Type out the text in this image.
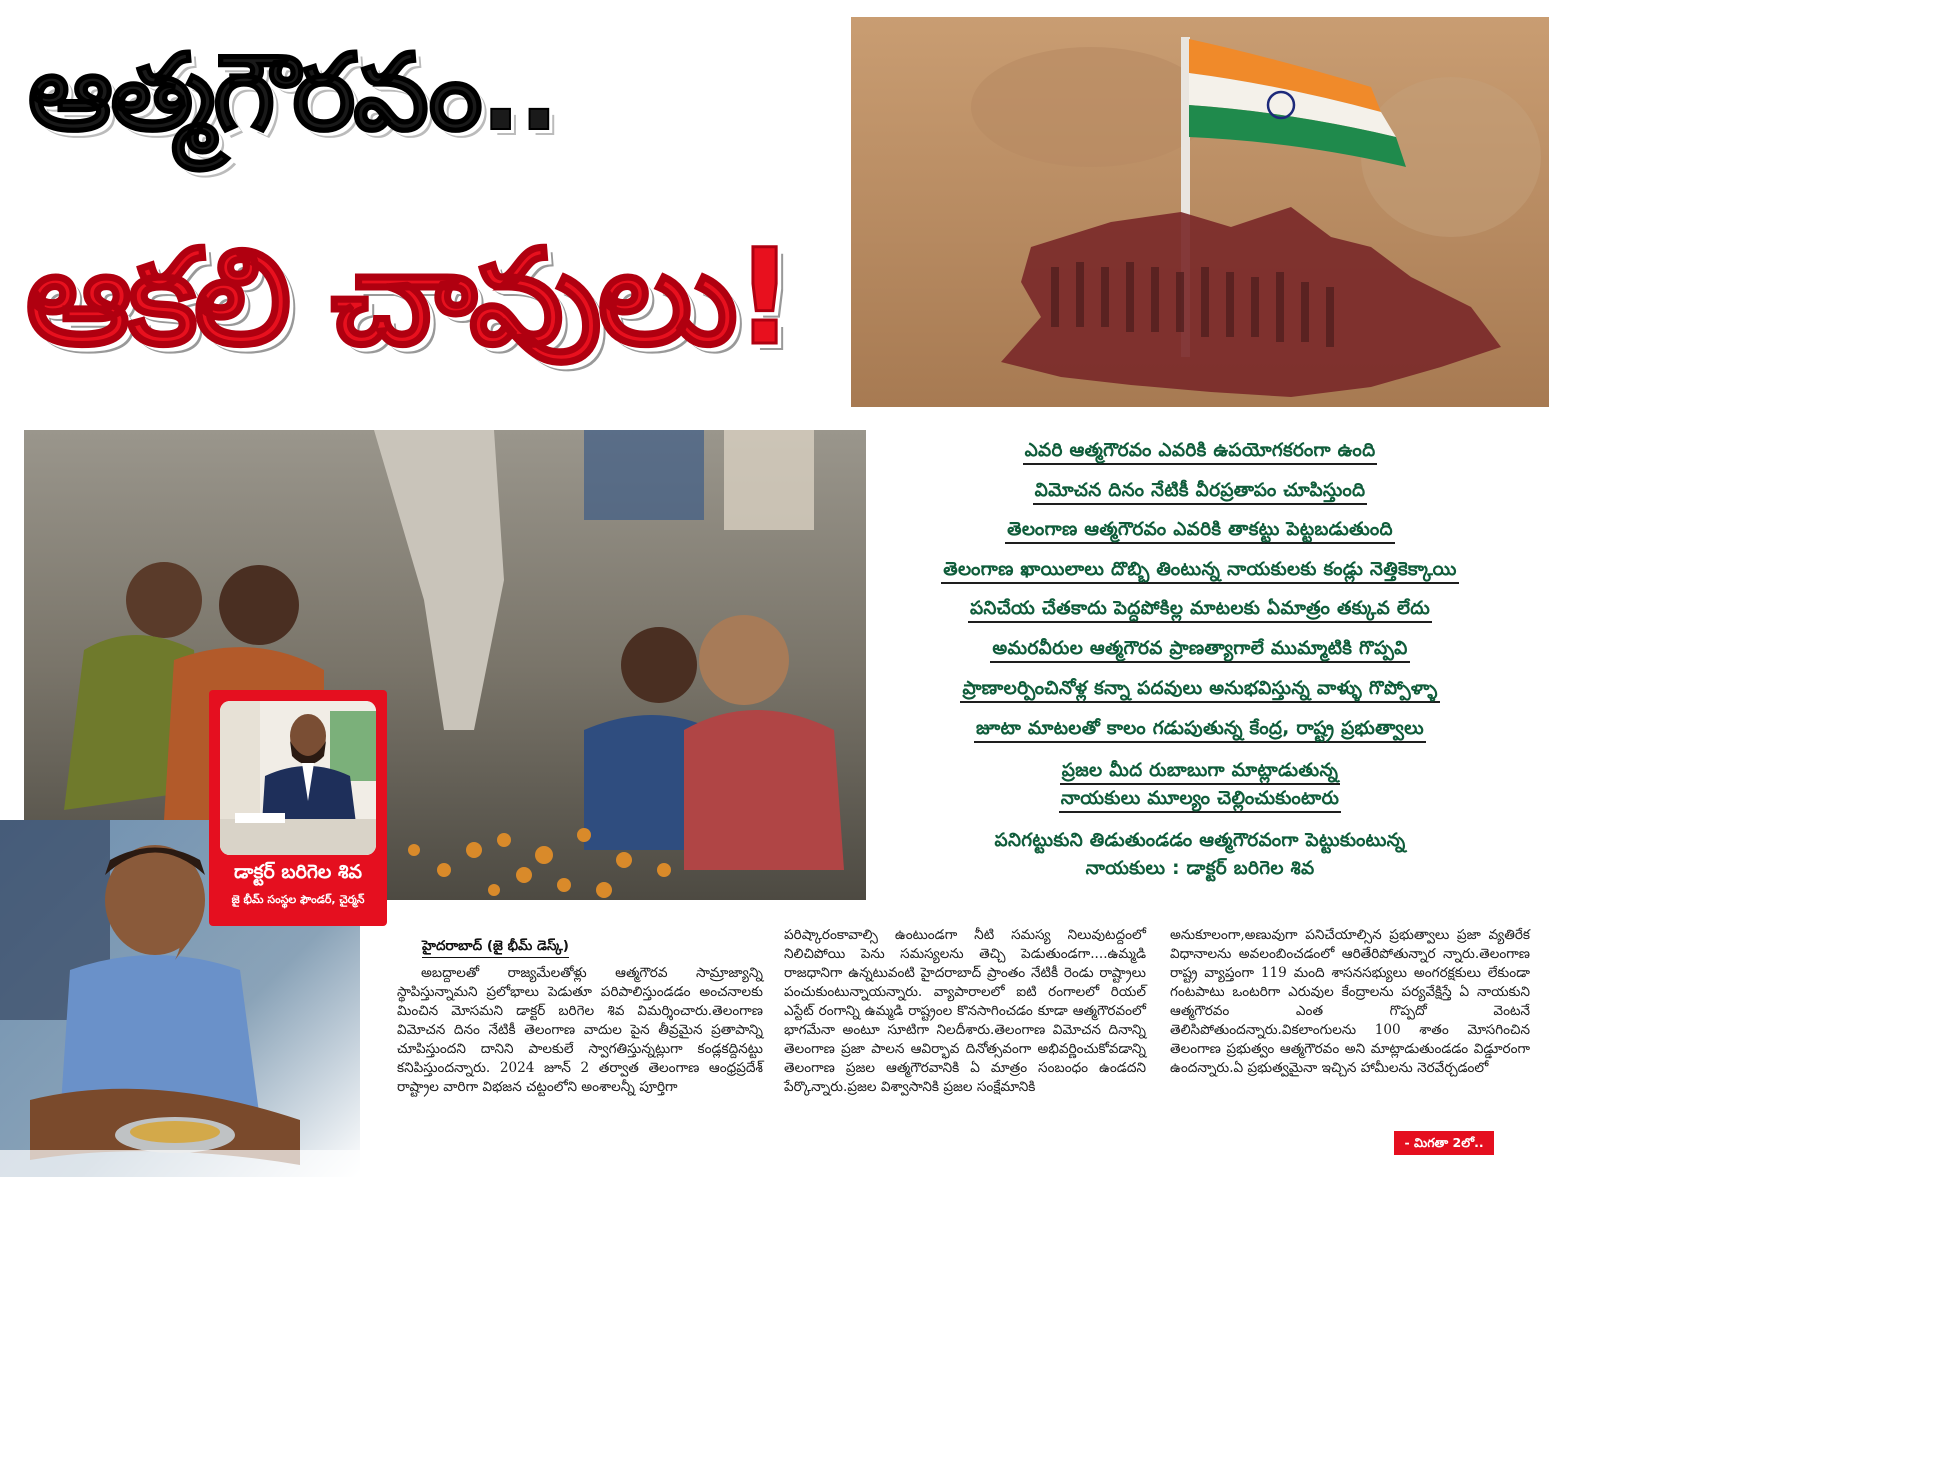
ఆత్మగౌరవం..
ఆకలి చావులు!
డాక్టర్ బరిగెల శివ
జై భీమ్ సంస్థల ఫౌండర్, చైర్మన్
ఎవరి ఆత్మగౌరవం ఎవరికి ఉపయోగకరంగా ఉంది
విమోచన దినం నేటికీ వీరప్రతాపం చూపిస్తుంది
తెలంగాణ ఆత్మగౌరవం ఎవరికి తాకట్టు పెట్టబడుతుంది
తెలంగాణ ఖాయిలాలు దొబ్బి తింటున్న నాయకులకు కండ్లు నెత్తికెక్కాయి
పనిచేయ చేతకాదు పెద్దపోకిల్ల మాటలకు ఏమాత్రం తక్కువ లేదు
అమరవీరుల ఆత్మగౌరవ ప్రాణత్యాగాలే ముమ్మాటికి గొప్పవి
ప్రాణాలర్పించినోళ్ల కన్నా పదవులు అనుభవిస్తున్న వాళ్ళు గొప్పోళ్ళా
జూటా మాటలతో కాలం గడుపుతున్న కేంద్ర, రాష్ట్ర ప్రభుత్వాలు
ప్రజల మీద రుబాబుగా మాట్లాడుతున్న
నాయకులు మూల్యం చెల్లించుకుంటారు
పనిగట్టుకుని తిడుతుండడం ఆత్మగౌరవంగా పెట్టుకుంటున్న
నాయకులు : డాక్టర్ బరిగెల శివ
హైదరాబాద్ (జై భీమ్ డెస్క్)
అబద్దాలతో రాజ్యమేలతోళ్లు ఆత్మగౌరవ సామ్రాజ్యాన్ని స్థాపిస్తున్నామని ప్రలోభాలు పెడుతూ పరిపాలిస్తుండడం అంచనాలకు మించిన మోసమని డాక్టర్ బరిగెల శివ విమర్శించారు.తెలంగాణ విమోచన దినం నేటికీ తెలంగాణ వాదుల పైన తీవ్రమైన ప్రతాపాన్ని చూపిస్తుందని దానిని పాలకులే స్వాగతిస్తున్నట్లుగా కండ్లకద్దినట్టు కనిపిస్తుందన్నారు. 2024 జూన్ 2 తర్వాత తెలంగాణ ఆంధ్రప్రదేశ్ రాష్ట్రాల వారిగా విభజన చట్టంలోని అంశాలన్నీ పూర్తిగా
పరిష్కారంకావాల్సి ఉంటుండగా నీటి సమస్య నిలువుటద్దంలో నిలిచిపోయి పెను సమస్యలను తెచ్చి పెడుతుండగా....ఉమ్మడి రాజధానిగా ఉన్నటువంటి హైదరాబాద్ ప్రాంతం నేటికీ రెండు రాష్ట్రాలు పంచుకుంటున్నాయన్నారు. వ్యాపారాలలో ఐటి రంగాలలో రియల్ ఎస్టేట్ రంగాన్ని ఉమ్మడి రాష్ట్రంల కొనసాగించడం కూడా ఆత్మగౌరవంలో భాగమేనా అంటూ సూటిగా నిలదీశారు.తెలంగాణ విమోచన దినాన్ని తెలంగాణ ప్రజా పాలన ఆవిర్భావ దినోత్సవంగా అభివర్ణించుకోవడాన్ని తెలంగాణ ప్రజల ఆత్మగౌరవానికి ఏ మాత్రం సంబంధం ఉండదని పేర్కొన్నారు.ప్రజల విశ్వాసానికి ప్రజల సంక్షేమానికి
అనుకూలంగా,అణువుగా పనిచేయాల్సిన ప్రభుత్వాలు ప్రజా వ్యతిరేక విధానాలను అవలంబించడంలో ఆరితేరిపోతున్నార న్నారు.తెలంగాణ రాష్ట్ర వ్యాప్తంగా 119 మంది శాసనసభ్యులు అంగరక్షకులు లేకుండా గంటపాటు ఒంటరిగా ఎరువుల కేంద్రాలను పర్యవేక్షిస్తే ఏ నాయకుని ఆత్మగౌరవం ఎంత గొప్పదో వెంటనే తెలిసిపోతుందన్నారు.వికలాంగులను 100 శాతం మోసగించిన తెలంగాణ ప్రభుత్వం ఆత్మగౌరవం అని మాట్లాడుతుండడం విడ్డూరంగా ఉందన్నారు.ఏ ప్రభుత్వమైనా ఇచ్చిన హామీలను నెరవేర్చడంలో
- మిగతా 2లో..
